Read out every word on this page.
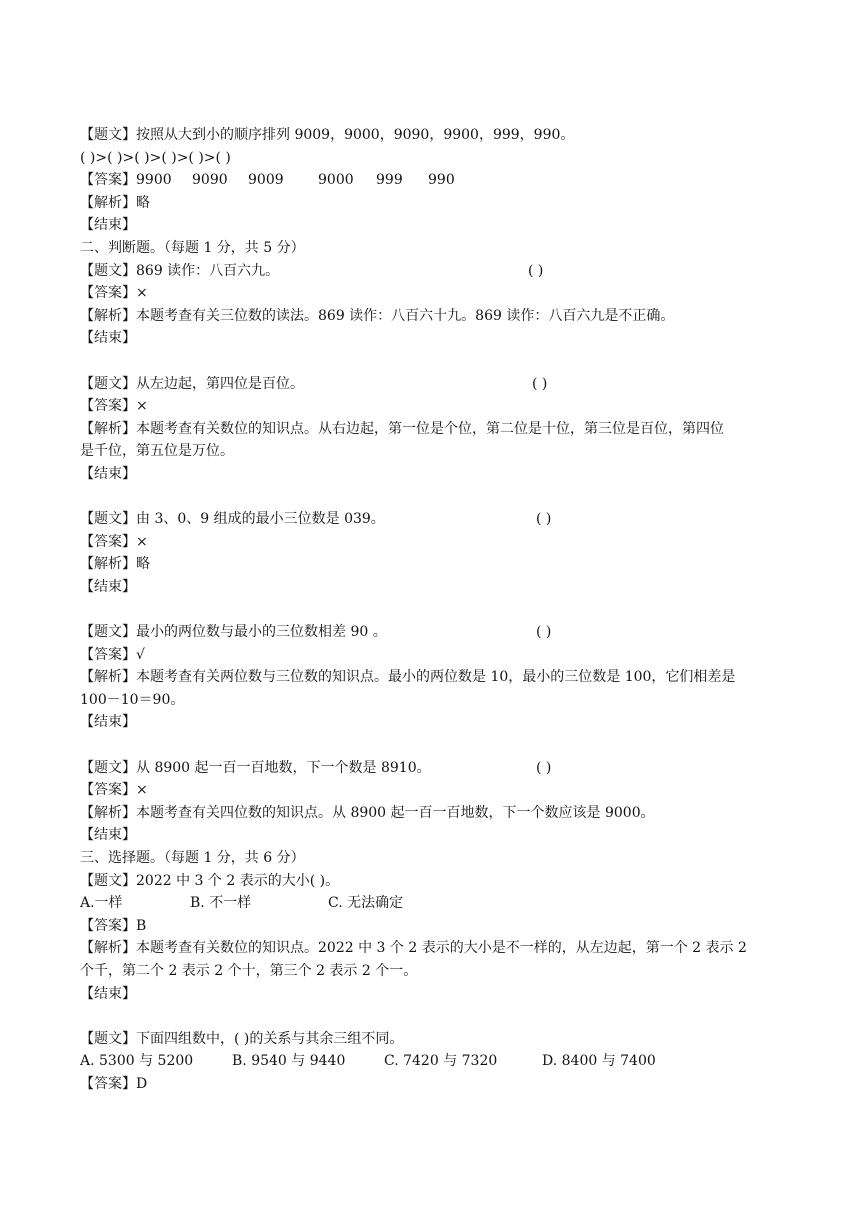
【题文】按照从大到小的顺序排列 9009，9000，9090，9900，999，990。
( )>( )>( )>( )>( )>( )
【答案】9900 9090 9009 9000 999 990
【解析】略
【结束】
二、判断题。（每题 1 分，共 5 分）
【题文】869 读作：八百六九。	( )
【答案】×
【解析】本题考查有关三位数的读法。869 读作：八百六十九。869 读作：八百六九是不正确。
【结束】
【题文】从左边起，第四位是百位。	( )
【答案】×
【解析】本题考查有关数位的知识点。从右边起，第一位是个位，第二位是十位，第三位是百位，第四位
是千位，第五位是万位。
【结束】
【题文】由 3、0、9 组成的最小三位数是 039。	( )
【答案】×
【解析】略
【结束】
【题文】最小的两位数与最小的三位数相差 90 。	( )
【答案】√
【解析】本题考查有关两位数与三位数的知识点。最小的两位数是 10，最小的三位数是 100，它们相差是
100－10＝90。
【结束】
【题文】从 8900 起一百一百地数，下一个数是 8910。	( )
【答案】×
【解析】本题考查有关四位数的知识点。从 8900 起一百一百地数，下一个数应该是 9000。
【结束】
三、选择题。（每题 1 分，共 6 分）
【题文】2022 中 3 个 2 表示的大小( )。
A.一样	B. 不一样	C. 无法确定
【答案】B
【解析】本题考查有关数位的知识点。2022 中 3 个 2 表示的大小是不一样的，从左边起，第一个 2 表示 2
个千，第二个 2 表示 2 个十，第三个 2 表示 2 个一。
【结束】
【题文】下面四组数中，( )的关系与其余三组不同。
A. 5300 与 5200	B. 9540 与 9440	C. 7420 与 7320	D. 8400 与 7400
【答案】D
